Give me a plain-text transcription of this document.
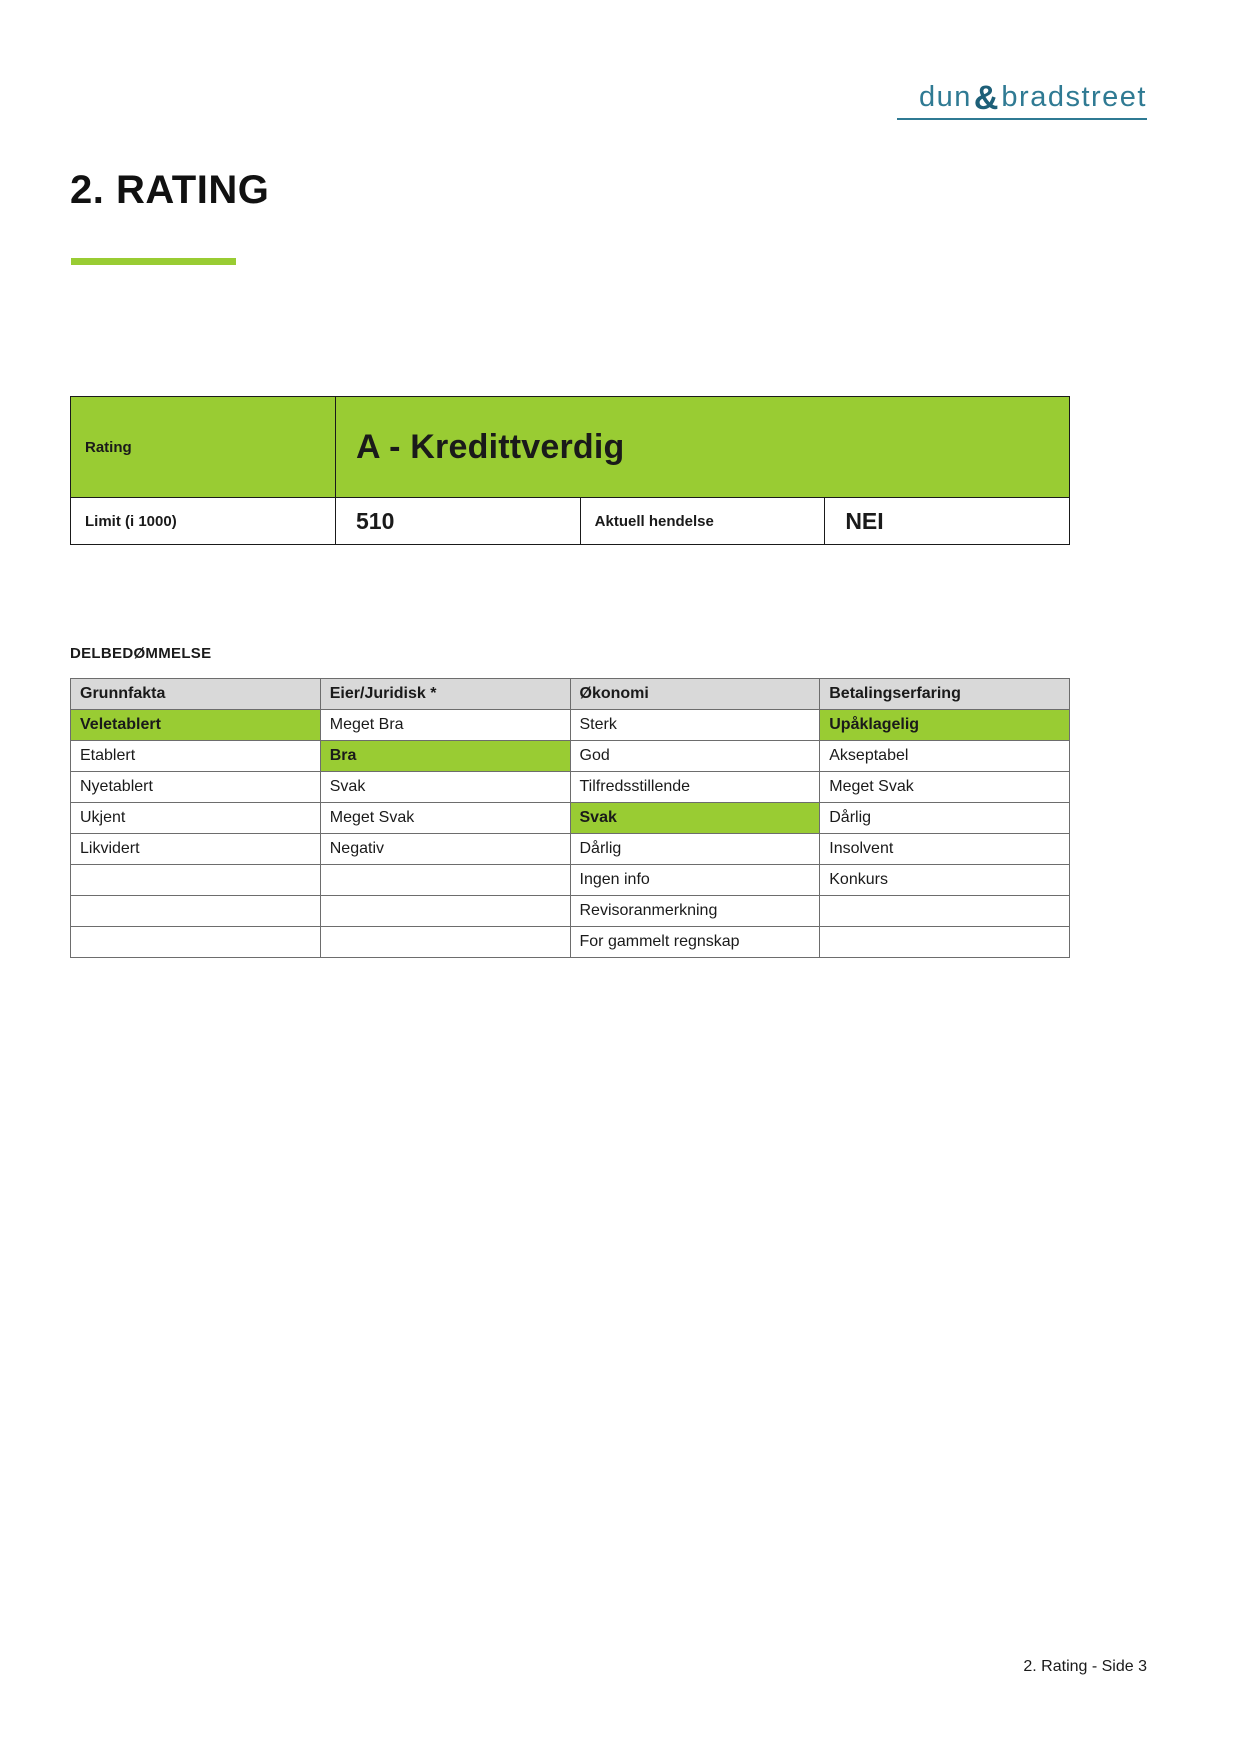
dun & bradstreet
2. RATING
Rating	A - Kredittverdig		
Limit (i 1000)	510	Aktuell hendelse	NEI
DELBEDØMMELSE
Grunnfakta	Eier/Juridisk *	Økonomi	Betalingserfaring
Veletablert	Meget Bra	Sterk	Upåklagelig
Etablert	Bra	God	Akseptabel
Nyetablert	Svak	Tilfredsstillende	Meget Svak
Ukjent	Meget Svak	Svak	Dårlig
Likvidert	Negativ	Dårlig	Insolvent
		Ingen info	Konkurs
		Revisoranmerkning	
		For gammelt regnskap	
2. Rating - Side 3
